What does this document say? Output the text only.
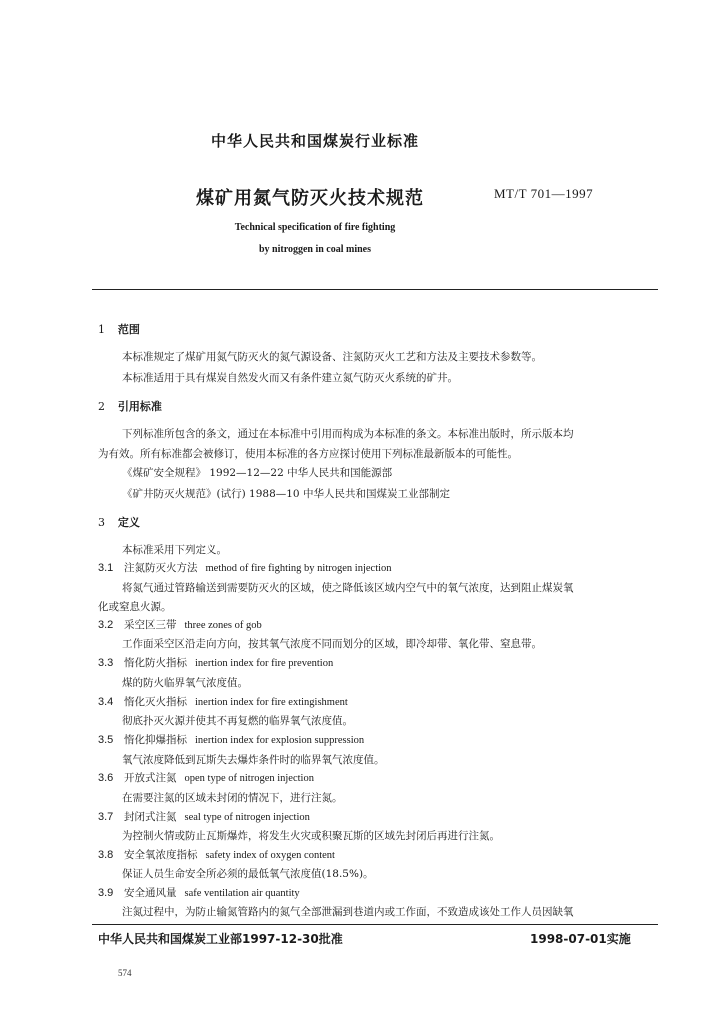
中华人民共和国煤炭行业标准
煤矿用氮气防灭火技术规范	MT/T 701—1997
Technical specification of fire fighting
by nitroggen in coal mines
1 范围
本标准规定了煤矿用氮气防灭火的氮气源设备、注氮防灭火工艺和方法及主要技术参数等。
本标准适用于具有煤炭自然发火而又有条件建立氮气防灭火系统的矿井。
2 引用标准
下列标准所包含的条文，通过在本标准中引用而构成为本标准的条文。本标准出版时，所示版本均
为有效。所有标准都会被修订，使用本标准的各方应探讨使用下列标准最新版本的可能性。
《煤矿安全规程》 1992—12—22 中华人民共和国能源部
《矿井防灭火规范》(试行) 1988—10 中华人民共和国煤炭工业部制定
3 定义
本标准采用下列定义。
3.1 注氮防灭火方法 method of fire fighting by nitrogen injection
将氮气通过管路输送到需要防灭火的区域，使之降低该区域内空气中的氧气浓度，达到阻止煤炭氧
化或窒息火源。
3.2 采空区三带 three zones of gob
工作面采空区沿走向方向，按其氧气浓度不同而划分的区域，即冷却带、氧化带、窒息带。
3.3 惰化防火指标 inertion index for fire prevention
煤的防火临界氧气浓度值。
3.4 惰化灭火指标 inertion index for fire extingishment
彻底扑灭火源并使其不再复燃的临界氧气浓度值。
3.5 惰化抑爆指标 inertion index for explosion suppression
氧气浓度降低到瓦斯失去爆炸条件时的临界氧气浓度值。
3.6 开放式注氮 open type of nitrogen injection
在需要注氮的区域未封闭的情况下，进行注氮。
3.7 封闭式注氮 seal type of nitrogen injection
为控制火情或防止瓦斯爆炸，将发生火灾或积聚瓦斯的区域先封闭后再进行注氮。
3.8 安全氧浓度指标 safety index of oxygen content
保证人员生命安全所必须的最低氧气浓度值(18.5%)。
3.9 安全通风量 safe ventilation air quantity
注氮过程中，为防止输氮管路内的氮气全部泄漏到巷道内或工作面，不致造成该处工作人员因缺氧
中华人民共和国煤炭工业部1997-12-30批准	1998-07-01实施
574
